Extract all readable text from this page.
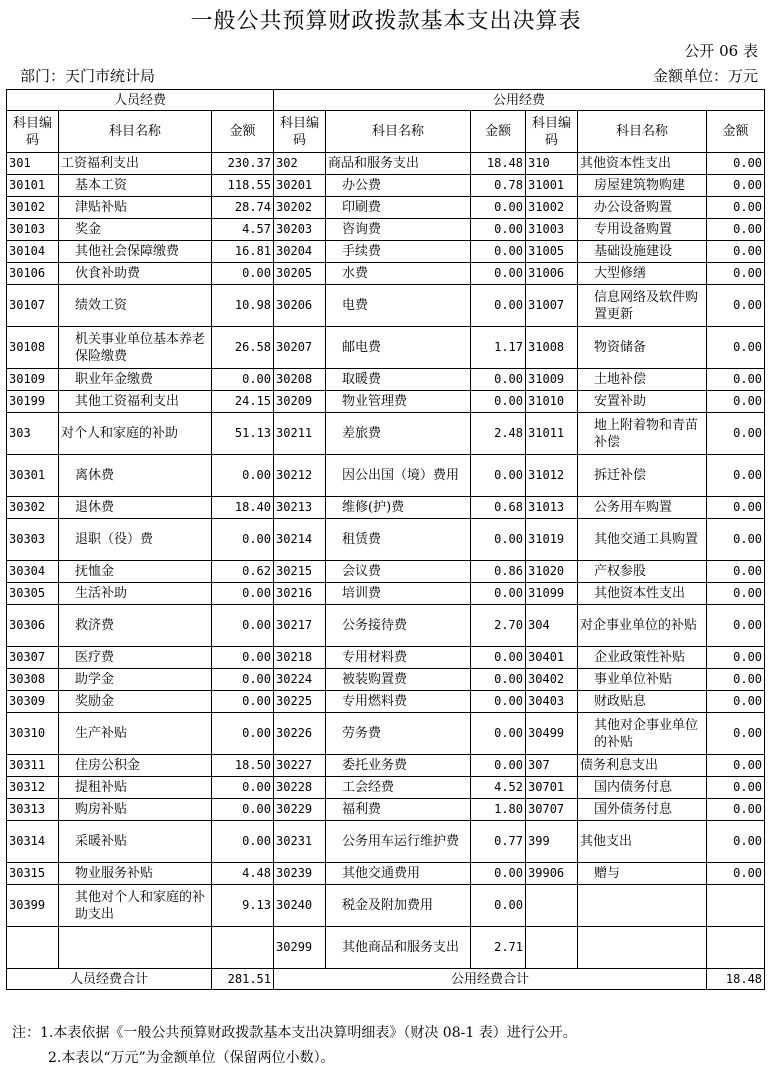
一般公共预算财政拨款基本支出决算表
公开 06 表
部门：天门市统计局	金额单位：万元
人员经费			公用经费					
科目编码	科目名称	金额	科目编码	科目名称	金额	科目编码	科目名称	金额
301	工资福利支出	230.37	302	商品和服务支出	18.48	310	其他资本性支出	0.00
30101	基本工资	118.55	30201	办公费	0.78	31001	房屋建筑物购建	0.00
30102	津贴补贴	28.74	30202	印刷费	0.00	31002	办公设备购置	0.00
30103	奖金	4.57	30203	咨询费	0.00	31003	专用设备购置	0.00
30104	其他社会保障缴费	16.81	30204	手续费	0.00	31005	基础设施建设	0.00
30106	伙食补助费	0.00	30205	水费	0.00	31006	大型修缮	0.00
30107	绩效工资	10.98	30206	电费	0.00	31007	信息网络及软件购置更新	0.00
30108	机关事业单位基本养老保险缴费	26.58	30207	邮电费	1.17	31008	物资储备	0.00
30109	职业年金缴费	0.00	30208	取暖费	0.00	31009	土地补偿	0.00
30199	其他工资福利支出	24.15	30209	物业管理费	0.00	31010	安置补助	0.00
303	对个人和家庭的补助	51.13	30211	差旅费	2.48	31011	地上附着物和青苗补偿	0.00
30301	离休费	0.00	30212	因公出国（境）费用	0.00	31012	拆迁补偿	0.00
30302	退休费	18.40	30213	维修(护)费	0.68	31013	公务用车购置	0.00
30303	退职（役）费	0.00	30214	租赁费	0.00	31019	其他交通工具购置	0.00
30304	抚恤金	0.62	30215	会议费	0.86	31020	产权参股	0.00
30305	生活补助	0.00	30216	培训费	0.00	31099	其他资本性支出	0.00
30306	救济费	0.00	30217	公务接待费	2.70	304	对企事业单位的补贴	0.00
30307	医疗费	0.00	30218	专用材料费	0.00	30401	企业政策性补贴	0.00
30308	助学金	0.00	30224	被装购置费	0.00	30402	事业单位补贴	0.00
30309	奖励金	0.00	30225	专用燃料费	0.00	30403	财政贴息	0.00
30310	生产补贴	0.00	30226	劳务费	0.00	30499	其他对企事业单位的补贴	0.00
30311	住房公积金	18.50	30227	委托业务费	0.00	307	债务利息支出	0.00
30312	提租补贴	0.00	30228	工会经费	4.52	30701	国内债务付息	0.00
30313	购房补贴	0.00	30229	福利费	1.80	30707	国外债务付息	0.00
30314	采暖补贴	0.00	30231	公务用车运行维护费	0.77	399	其他支出	0.00
30315	物业服务补贴	4.48	30239	其他交通费用	0.00	39906	赠与	0.00
30399	其他对个人和家庭的补助支出	9.13	30240	税金及附加费用	0.00			
			30299	其他商品和服务支出	2.71			
人员经费合计		281.51	公用经费合计					18.48
注：1.本表依据《一般公共预算财政拨款基本支出决算明细表》（财决 08-1 表）进行公开。
2.本表以“万元”为金额单位（保留两位小数）。
